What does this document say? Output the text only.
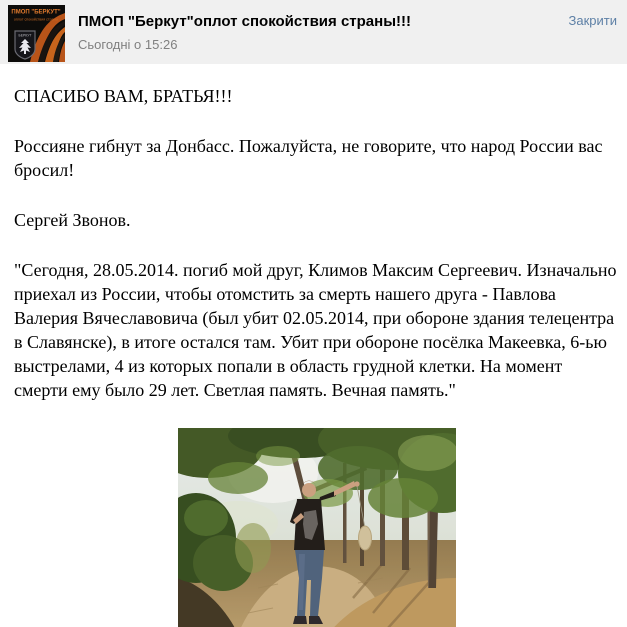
ПМОП "БЕРКУТ"
оплот спокойствия страны
БЕРКУТ
ПМОП "Беркут"оплот спокойствия страны!!!
Сьогодні о 15:26
Закрити

СПАСИБО ВАМ, БРАТЬЯ!!!

Россияне гибнут за Донбасс. Пожалуйста, не говорите, что народ России вас бросил!

Сергей Звонов.

"Сегодня, 28.05.2014. погиб мой друг, Климов Максим Сергеевич. Изначально приехал из России, чтобы отомстить за смерть нашего друга - Павлова Валерия Вячеславовича (был убит 02.05.2014, при обороне здания телецентра в Славянске), в итоге остался там. Убит при обороне посёлка Макеевка, 6-ью выстрелами, 4 из которых попали в область грудной клетки. На момент смерти ему было 29 лет. Светлая память. Вечная память."
